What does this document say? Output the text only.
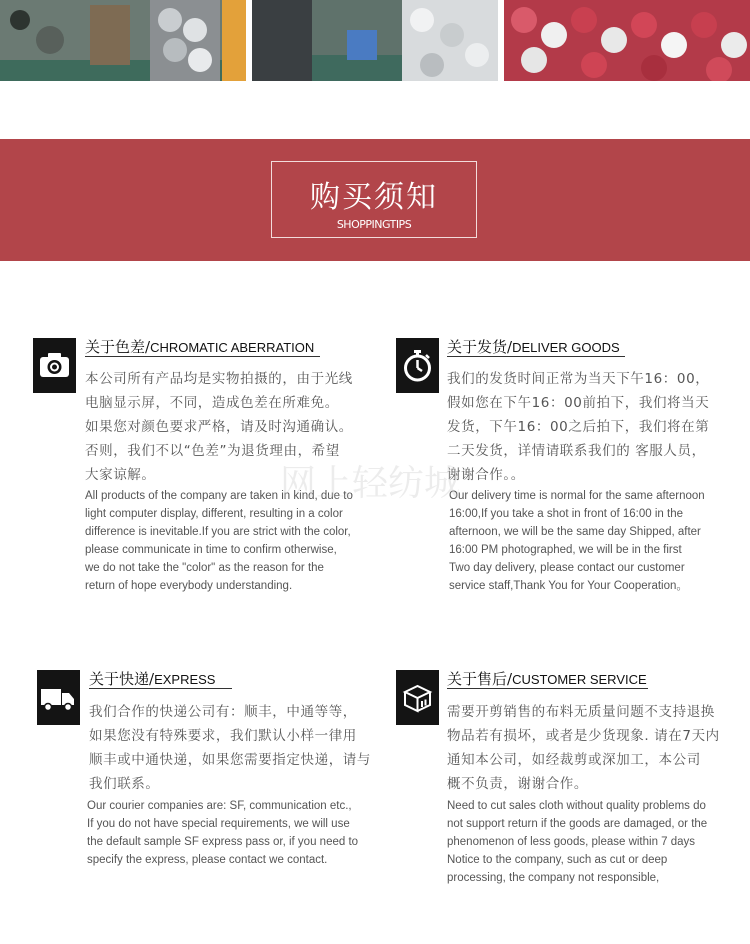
购买须知
SHOPPINGTIPS
关于色差/CHROMATIC ABERRATION

本公司所有产品均是实物拍摄的，由于光线

电脑显示屏，不同，造成色差在所难免。

如果您对颜色要求严格，请及时沟通确认。

否则，我们不以“色差”为退货理由，希望

大家谅解。

All products of the company are taken in kind, due to

light computer display, different, resulting in a color

difference is inevitable.If you are strict with the color,

please communicate in time to confirm otherwise,

we do not take the "color" as the reason for the

return of hope everybody understanding.

关于发货/DELIVER GOODS

我们的发货时间正常为当天下午16：00，

假如您在下午16：00前拍下，我们将当天

发货，下午16：00之后拍下，我们将在第

二天发货，详情请联系我们的 客服人员，

谢谢合作。。

Our delivery time is normal for the same afternoon

16:00,If you take a shot in front of 16:00 in the

afternoon, we will be the same day Shipped, after

16:00 PM photographed, we will be in the first

Two day delivery, please contact our customer

service staff,Thank You for Your Cooperation。

关于快递/EXPRESS

我们合作的快递公司有：顺丰，中通等等，

如果您没有特殊要求，我们默认小样一律用

顺丰或中通快递，如果您需要指定快递，请与

我们联系。

Our courier companies are: SF, communication etc.,

If you do not have special requirements, we will use

the default sample SF express pass or, if you need to

specify the express, please contact we contact.

关于售后/CUSTOMER SERVICE

需要开剪销售的布料无质量问题不支持退换

物品若有损坏，或者是少货现象. 请在7天内

通知本公司，如经裁剪或深加工，本公司

概不负责，谢谢合作。

Need to cut sales cloth without quality problems do

not support return if the goods are damaged, or the

phenomenon of less goods, please within 7 days

Notice to the company, such as cut or deep

processing, the company not responsible,

网上轻纺城
